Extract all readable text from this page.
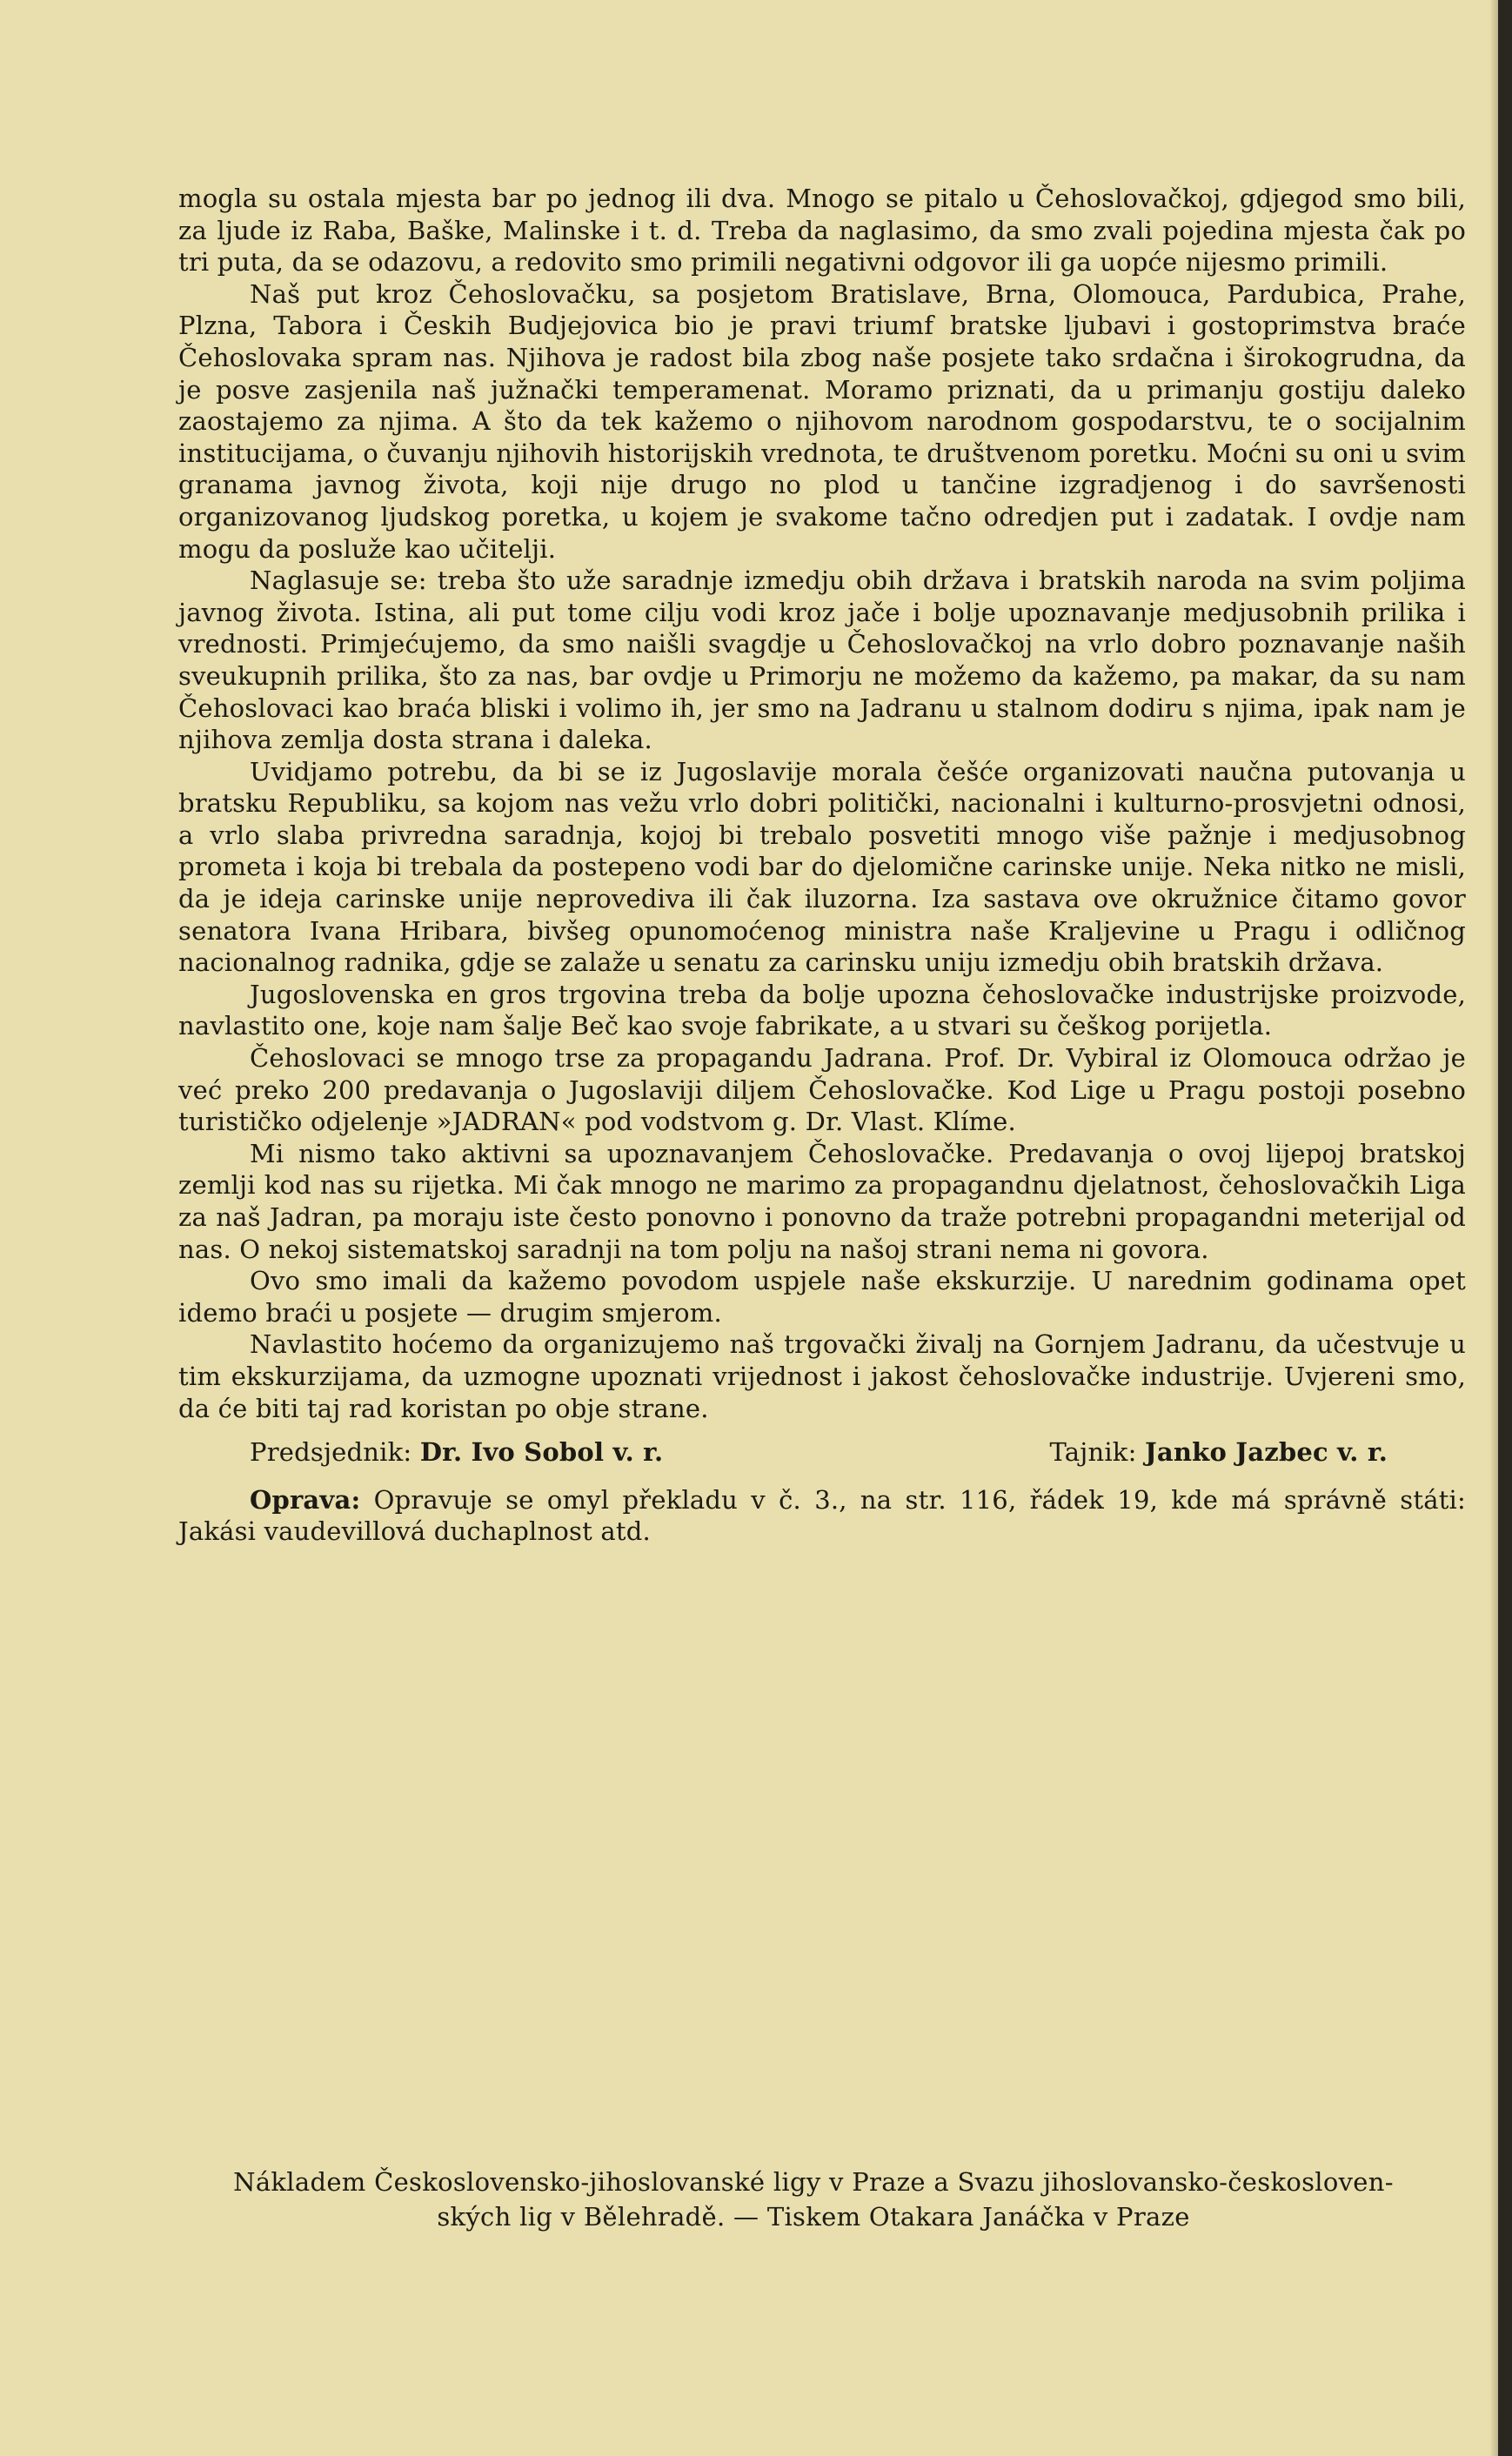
mogla su ostala mjesta bar po jednog ili dva. Mnogo se pitalo u Čehoslovačkoj, gdjegod smo bili, za ljude iz Raba, Baške, Malinske i t. d. Treba da naglasimo, da smo zvali pojedina mjesta čak po tri puta, da se odazovu, a redovito smo primili negativni odgovor ili ga uopće nijesmo primili.

Naš put kroz Čehoslovačku, sa posjetom Bratislave, Brna, Olomouca, Pardubica, Prahe, Plzna, Tabora i Českih Budjejovica bio je pravi triumf bratske ljubavi i gostoprimstva braće Čehoslovaka spram nas. Njihova je radost bila zbog naše posjete tako srdačna i širokogrudna, da je posve zasjenila naš južnački temperamenat. Moramo priznati, da u primanju gostiju daleko zaostajemo za njima. A što da tek kažemo o njihovom narodnom gospodarstvu, te o socijalnim institucijama, o čuvanju njihovih historijskih vrednota, te društvenom poretku. Moćni su oni u svim granama javnog života, koji nije drugo no plod u tančine izgradjenog i do savršenosti organizovanog ljudskog poretka, u kojem je svakome tačno odredjen put i zadatak. I ovdje nam mogu da posluže kao učitelji.

Naglasuje se: treba što uže saradnje izmedju obih država i bratskih naroda na svim poljima javnog života. Istina, ali put tome cilju vodi kroz jače i bolje upoznavanje medjusobnih prilika i vrednosti. Primjećujemo, da smo naišli svagdje u Čehoslovačkoj na vrlo dobro poznavanje naših sveukupnih prilika, što za nas, bar ovdje u Primorju ne možemo da kažemo, pa makar, da su nam Čehoslovaci kao braća bliski i volimo ih, jer smo na Jadranu u stalnom dodiru s njima, ipak nam je njihova zemlja dosta strana i daleka.

Uvidjamo potrebu, da bi se iz Jugoslavije morala češće organizovati naučna putovanja u bratsku Republiku, sa kojom nas vežu vrlo dobri politički, nacionalni i kulturno-prosvjetni odnosi, a vrlo slaba privredna saradnja, kojoj bi trebalo posvetiti mnogo više pažnje i medjusobnog prometa i koja bi trebala da postepeno vodi bar do djelomične carinske unije. Neka nitko ne misli, da je ideja carinske unije neprovediva ili čak iluzorna. Iza sastava ove okružnice čitamo govor senatora Ivana Hribara, bivšeg opunomoćenog ministra naše Kraljevine u Pragu i odličnog nacionalnog radnika, gdje se zalaže u senatu za carinsku uniju izmedju obih bratskih država.

Jugoslovenska en gros trgovina treba da bolje upozna čehoslovačke industrijske proizvode, navlastito one, koje nam šalje Beč kao svoje fabrikate, a u stvari su češkog porijetla.

Čehoslovaci se mnogo trse za propagandu Jadrana. Prof. Dr. Vybiral iz Olomouca održao je već preko 200 predavanja o Jugoslaviji diljem Čehoslovačke. Kod Lige u Pragu postoji posebno turističko odjelenje »JADRAN« pod vodstvom g. Dr. Vlast. Klíme.

Mi nismo tako aktivni sa upoznavanjem Čehoslovačke. Predavanja o ovoj lijepoj bratskoj zemlji kod nas su rijetka. Mi čak mnogo ne marimo za propagandnu djelatnost, čehoslovačkih Liga za naš Jadran, pa moraju iste često ponovno i ponovno da traže potrebni propagandni meterijal od nas. O nekoj sistematskoj saradnji na tom polju na našoj strani nema ni govora.

Ovo smo imali da kažemo povodom uspjele naše ekskurzije. U narednim godinama opet idemo braći u posjete — drugim smjerom.

Navlastito hoćemo da organizujemo naš trgovački živalj na Gornjem Jadranu, da učestvuje u tim ekskurzijama, da uzmogne upoznati vrijednost i jakost čehoslovačke industrije. Uvjereni smo, da će biti taj rad koristan po obje strane.

Predsjednik: Dr. Ivo Sobol v. r.	Tajnik: Janko Jazbec v. r.

Oprava: Opravuje se omyl překladu v č. 3., na str. 116, řádek 19, kde má správně státi: Jakási vaudevillová duchaplnost atd.

Nákladem Československo-jihoslovanské ligy v Praze a Svazu jihoslovansko-českosloven-
ských lig v Bělehradě. — Tiskem Otakara Janáčka v Praze
